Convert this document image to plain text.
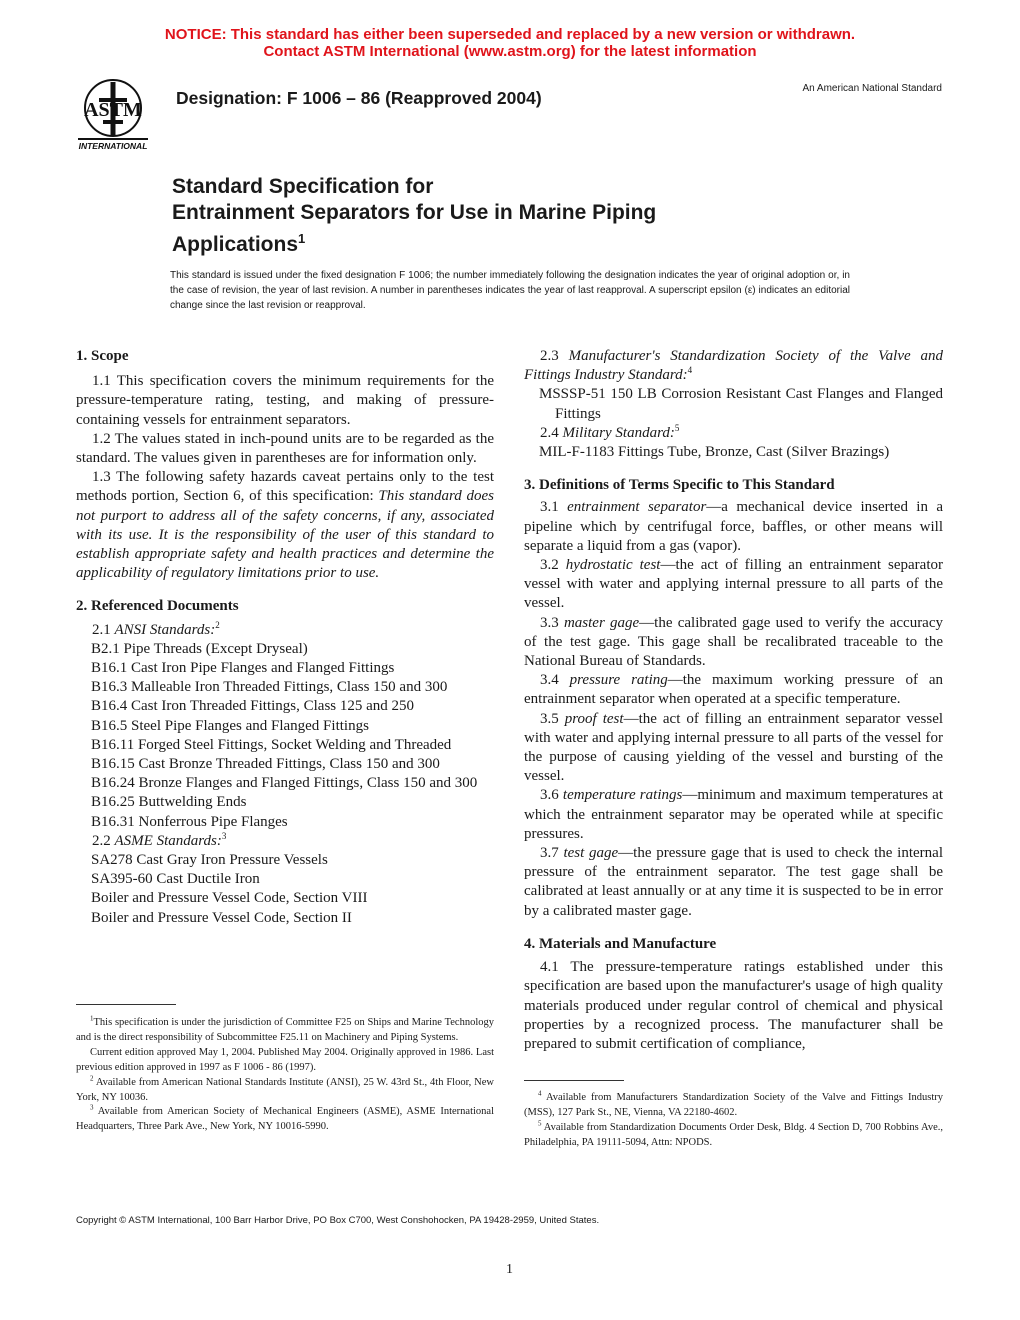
NOTICE: This standard has either been superseded and replaced by a new version or withdrawn.
Contact ASTM International (www.astm.org) for the latest information
ASTM
INTERNATIONAL
Designation: F 1006 – 86 (Reapproved 2004)	An American National Standard
Standard Specification for
Entrainment Separators for Use in Marine Piping
Applications$^1$
This standard is issued under the fixed designation F 1006; the number immediately following the designation indicates the year of original adoption or, in the case of revision, the year of last revision. A number in parentheses indicates the year of last reapproval. A superscript epsilon (ε) indicates an editorial change since the last revision or reapproval.
1. Scope

1.1 This specification covers the minimum requirements for the pressure-temperature rating, testing, and making of pressure-containing vessels for entrainment separators.

1.2 The values stated in inch-pound units are to be regarded as the standard. The values given in parentheses are for information only.

1.3 The following safety hazards caveat pertains only to the test methods portion, Section 6, of this specification: This standard does not purport to address all of the safety concerns, if any, associated with its use. It is the responsibility of the user of this standard to establish appropriate safety and health practices and determine the applicability of regulatory limitations prior to use.

2. Referenced Documents

2.1 ANSI Standards:$^2$

B2.1 Pipe Threads (Except Dryseal)

B16.1 Cast Iron Pipe Flanges and Flanged Fittings

B16.3 Malleable Iron Threaded Fittings, Class 150 and 300

B16.4 Cast Iron Threaded Fittings, Class 125 and 250

B16.5 Steel Pipe Flanges and Flanged Fittings

B16.11 Forged Steel Fittings, Socket Welding and Threaded

B16.15 Cast Bronze Threaded Fittings, Class 150 and 300

B16.24 Bronze Flanges and Flanged Fittings, Class 150 and 300

B16.25 Buttwelding Ends

B16.31 Nonferrous Pipe Flanges

2.2 ASME Standards:$^3$

SA278 Cast Gray Iron Pressure Vessels

SA395-60 Cast Ductile Iron

Boiler and Pressure Vessel Code, Section VIII

Boiler and Pressure Vessel Code, Section II

2.3 Manufacturer's Standardization Society of the Valve and Fittings Industry Standard:$^4$

MSSSP-51 150 LB Corrosion Resistant Cast Flanges and Flanged Fittings

2.4 Military Standard:$^5$

MIL-F-1183 Fittings Tube, Bronze, Cast (Silver Brazings)

3. Definitions of Terms Specific to This Standard

3.1 entrainment separator—a mechanical device inserted in a pipeline which by centrifugal force, baffles, or other means will separate a liquid from a gas (vapor).

3.2 hydrostatic test—the act of filling an entrainment separator vessel with water and applying internal pressure to all parts of the vessel.

3.3 master gage—the calibrated gage used to verify the accuracy of the test gage. This gage shall be recalibrated traceable to the National Bureau of Standards.

3.4 pressure rating—the maximum working pressure of an entrainment separator when operated at a specific temperature.

3.5 proof test—the act of filling an entrainment separator vessel with water and applying internal pressure to all parts of the vessel for the purpose of causing yielding of the vessel and bursting of the vessel.

3.6 temperature ratings—minimum and maximum temperatures at which the entrainment separator may be operated while at specific pressures.

3.7 test gage—the pressure gage that is used to check the internal pressure of the entrainment separator. The test gage shall be calibrated at least annually or at any time it is suspected to be in error by a calibrated master gage.

4. Materials and Manufacture

4.1 The pressure-temperature ratings established under this specification are based upon the manufacturer's usage of high quality materials produced under regular control of chemical and physical properties by a recognized process. The manufacturer shall be prepared to submit certification of compliance,

$^1$This specification is under the jurisdiction of Committee F25 on Ships and Marine Technology and is the direct responsibility of Subcommittee F25.11 on Machinery and Piping Systems.

Current edition approved May 1, 2004. Published May 2004. Originally approved in 1986. Last previous edition approved in 1997 as F 1006 - 86 (1997).

$^2$ Available from American National Standards Institute (ANSI), 25 W. 43rd St., 4th Floor, New York, NY 10036.

$^3$ Available from American Society of Mechanical Engineers (ASME), ASME International Headquarters, Three Park Ave., New York, NY 10016-5990.

$^4$ Available from Manufacturers Standardization Society of the Valve and Fittings Industry (MSS), 127 Park St., NE, Vienna, VA 22180-4602.

$^5$ Available from Standardization Documents Order Desk, Bldg. 4 Section D, 700 Robbins Ave., Philadelphia, PA 19111-5094, Attn: NPODS.

Copyright © ASTM International, 100 Barr Harbor Drive, PO Box C700, West Conshohocken, PA 19428-2959, United States.
1
